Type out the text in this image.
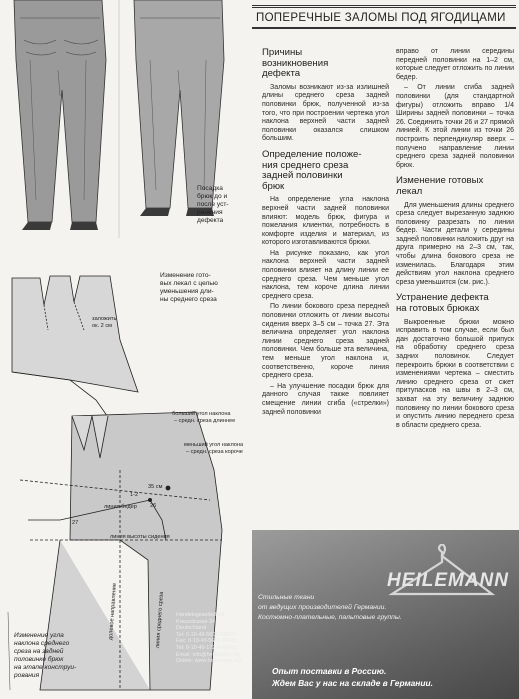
Посадка
брюк до и
после уст-
ранения
дефекта
Изменение гото-
вых лекал с целью
уменьшения дли-
ны среднего среза
заложить
ок. 2 см
больший угол наклона
– средн. среза длиннее
меньший угол наклона
– средн. среза короче
35 см
1-2
линия бедер 26
27
линия высоты сидения
долевое направление	линия среднего среза
Изменение угла
наклона среднего
среза на задней
половинке брюк
на этапе конструи-
рования
ПОПЕРЕЧНЫЕ ЗАЛОМЫ ПОД ЯГОДИЦАМИ
Причины
возникновения
дефекта

Заломы возникают из-за излишней длины среднего среза задней половинки брюк, полученной из-за того, что при построении чертежа угол наклона верхней части задней половинки оказался слишком большим.

Определение положе-
ния среднего среза
задней половинки
брюк

На определение угла наклона верхней части задней половинки влияют: модель брюк, фигура и пожелания клиентки, потребность в комфорте изделия и материал, из которого изготавливаются брюки.

На рисунке показано, как угол наклона верхней части задней половинки влияет на длину линии ее среднего среза. Чем меньше угол наклона, тем короче длина линии среднего среза.

По линии бокового среза передней половинки отложить от линии высоты сидения вверх 3–5 см – точка 27. Эта величина определяет угол наклона линии среднего среза задней половинки. Чем больше эта величина, тем меньше угол наклона и, соответственно, короче линия среднего среза.

– На улучшение посадки брюк для данного случая также повлияет смещение линии сгиба («стрелки») задней половинки

вправо от линии середины передней половинки на 1–2 см, которые следует отложить по линии бедер.

– От линии сгиба задней половинки (для стандартной фигуры) отложить вправо 1/4 Ширины задней половинки – точка 26. Соединить точки 26 и 27 прямой линией. К этой линии из точки 26 построить перпендикуляр вверх – получено направление линии среднего среза задней половинки брюк.

Изменение готовых
лекал

Для уменьшения длины среднего среза следует вырезанную заднюю половинку разрезать по линии бедер. Части детали у середины задней половинки наложить друг на друга примерно на 2–3 см, так, чтобы длина бокового среза не изменилась. Благодаря этим действиям угол наклона среднего среза уменьшится (см. рис.).

Устранение дефекта
на готовых брюках

Выкроенные брюки можно исправить в том случае, если был дан достаточно большой припуск на обработку среднего среза задних половинок. Следует перекроить брюки в соответствии с изменениями чертежа – сместить линию среднего среза от сжет притупасков на швы в 2–3 см, захват на эту величину заднюю половинку по линии бокового среза и опустить линию переднего среза в области среднего среза.

HEILEMANN
Стильные ткани
от ведущих производителей Германии.
Костюмно-плательные, пальтовые группы.
Опыт поставки в Россию.
Ждем Вас у нас на складе в Германии.
Handelsgesellschaft
Kreuzstrasse 34
Deutschland
Tel: 0-10-49-5609-93410
Fax: 0-10-49-5609-93415
Tel: 8-10-49-172-4966451
Email: info@heilemann.org
Online: www.heilemann.org
